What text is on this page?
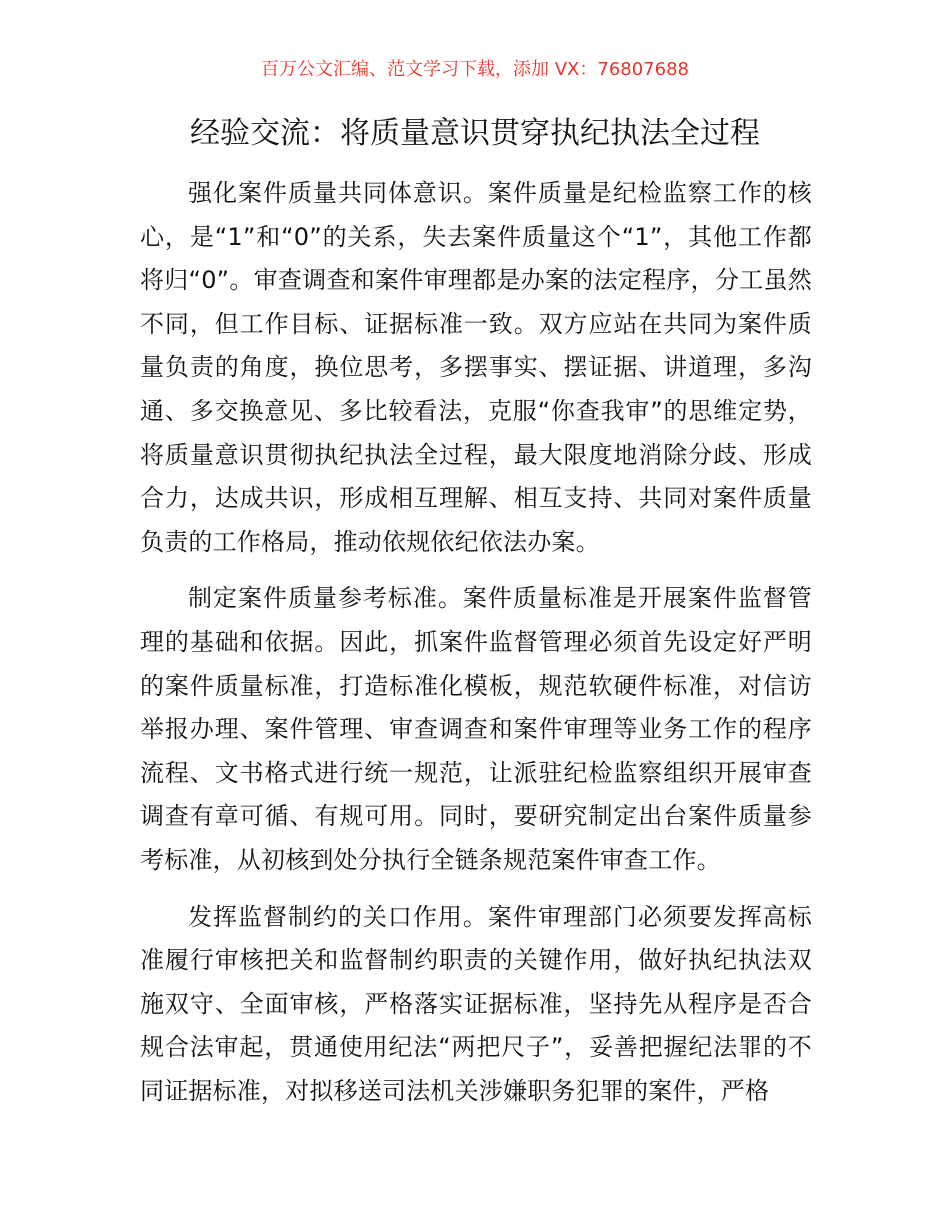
百万公文汇编、范文学习下载，添加 VX：76807688
经验交流：将质量意识贯穿执纪执法全过程

强化案件质量共同体意识。案件质量是纪检监察工作的核心，是“1”和“0”的关系，失去案件质量这个“1”，其他工作都将归“0”。审查调查和案件审理都是办案的法定程序，分工虽然不同，但工作目标、证据标准一致。双方应站在共同为案件质量负责的角度，换位思考，多摆事实、摆证据、讲道理，多沟通、多交换意见、多比较看法，克服“你查我审”的思维定势，将质量意识贯彻执纪执法全过程，最大限度地消除分歧、形成合力，达成共识，形成相互理解、相互支持、共同对案件质量负责的工作格局，推动依规依纪依法办案。

制定案件质量参考标准。案件质量标准是开展案件监督管理的基础和依据。因此，抓案件监督管理必须首先设定好严明的案件质量标准，打造标准化模板，规范软硬件标准，对信访举报办理、案件管理、审查调查和案件审理等业务工作的程序流程、文书格式进行统一规范，让派驻纪检监察组织开展审查调查有章可循、有规可用。同时，要研究制定出台案件质量参考标准，从初核到处分执行全链条规范案件审查工作。

发挥监督制约的关口作用。案件审理部门必须要发挥高标准履行审核把关和监督制约职责的关键作用，做好执纪执法双施双守、全面审核，严格落实证据标准，坚持先从程序是否合规合法审起，贯通使用纪法“两把尺子”，妥善把握纪法罪的不同证据标准，对拟移送司法机关涉嫌职务犯罪的案件，严格
